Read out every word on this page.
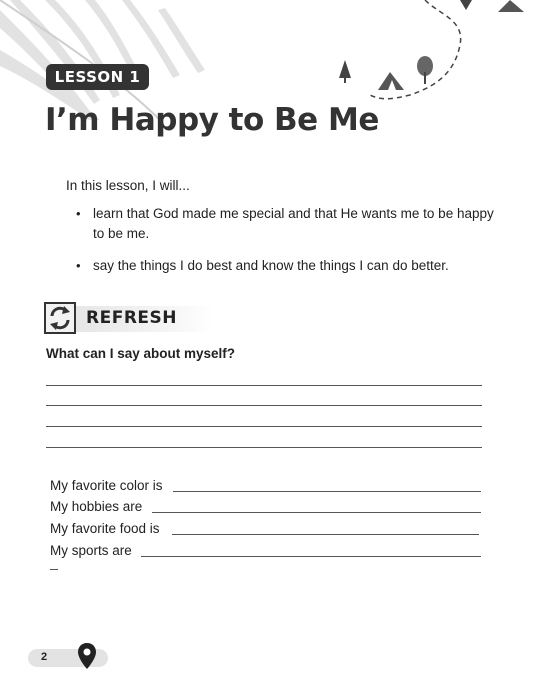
LESSON 1
I’m Happy to Be Me
In this lesson, I will...
• learn that God made me special and that He wants me to be happy to be me.
• say the things I do best and know the things I can do better.
REFRESH
What can I say about myself?
My favorite color is
My hobbies are
My favorite food is
My sports are
2
